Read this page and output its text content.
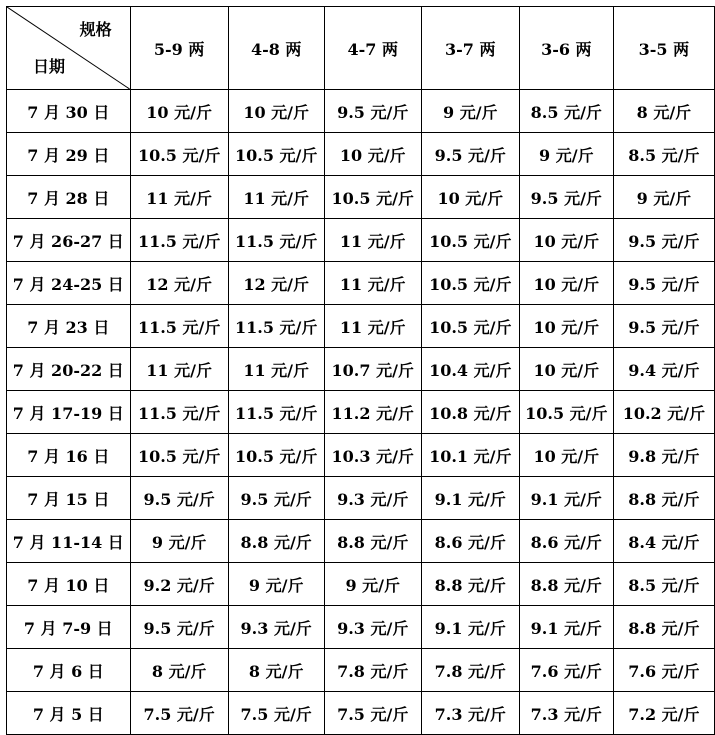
规格
日期	5-9 两	4-8 两	4-7 两	3-7 两	3-6 两	3-5 两
7 月 30 日	10 元/斤	10 元/斤	9.5 元/斤	9 元/斤	8.5 元/斤	8 元/斤
7 月 29 日	10.5 元/斤	10.5 元/斤	10 元/斤	9.5 元/斤	9 元/斤	8.5 元/斤
7 月 28 日	11 元/斤	11 元/斤	10.5 元/斤	10 元/斤	9.5 元/斤	9 元/斤
7 月 26-27 日	11.5 元/斤	11.5 元/斤	11 元/斤	10.5 元/斤	10 元/斤	9.5 元/斤
7 月 24-25 日	12 元/斤	12 元/斤	11 元/斤	10.5 元/斤	10 元/斤	9.5 元/斤
7 月 23 日	11.5 元/斤	11.5 元/斤	11 元/斤	10.5 元/斤	10 元/斤	9.5 元/斤
7 月 20-22 日	11 元/斤	11 元/斤	10.7 元/斤	10.4 元/斤	10 元/斤	9.4 元/斤
7 月 17-19 日	11.5 元/斤	11.5 元/斤	11.2 元/斤	10.8 元/斤	10.5 元/斤	10.2 元/斤
7 月 16 日	10.5 元/斤	10.5 元/斤	10.3 元/斤	10.1 元/斤	10 元/斤	9.8 元/斤
7 月 15 日	9.5 元/斤	9.5 元/斤	9.3 元/斤	9.1 元/斤	9.1 元/斤	8.8 元/斤
7 月 11-14 日	9 元/斤	8.8 元/斤	8.8 元/斤	8.6 元/斤	8.6 元/斤	8.4 元/斤
7 月 10 日	9.2 元/斤	9 元/斤	9 元/斤	8.8 元/斤	8.8 元/斤	8.5 元/斤
7 月 7-9 日	9.5 元/斤	9.3 元/斤	9.3 元/斤	9.1 元/斤	9.1 元/斤	8.8 元/斤
7 月 6 日	8 元/斤	8 元/斤	7.8 元/斤	7.8 元/斤	7.6 元/斤	7.6 元/斤
7 月 5 日	7.5 元/斤	7.5 元/斤	7.5 元/斤	7.3 元/斤	7.3 元/斤	7.2 元/斤
